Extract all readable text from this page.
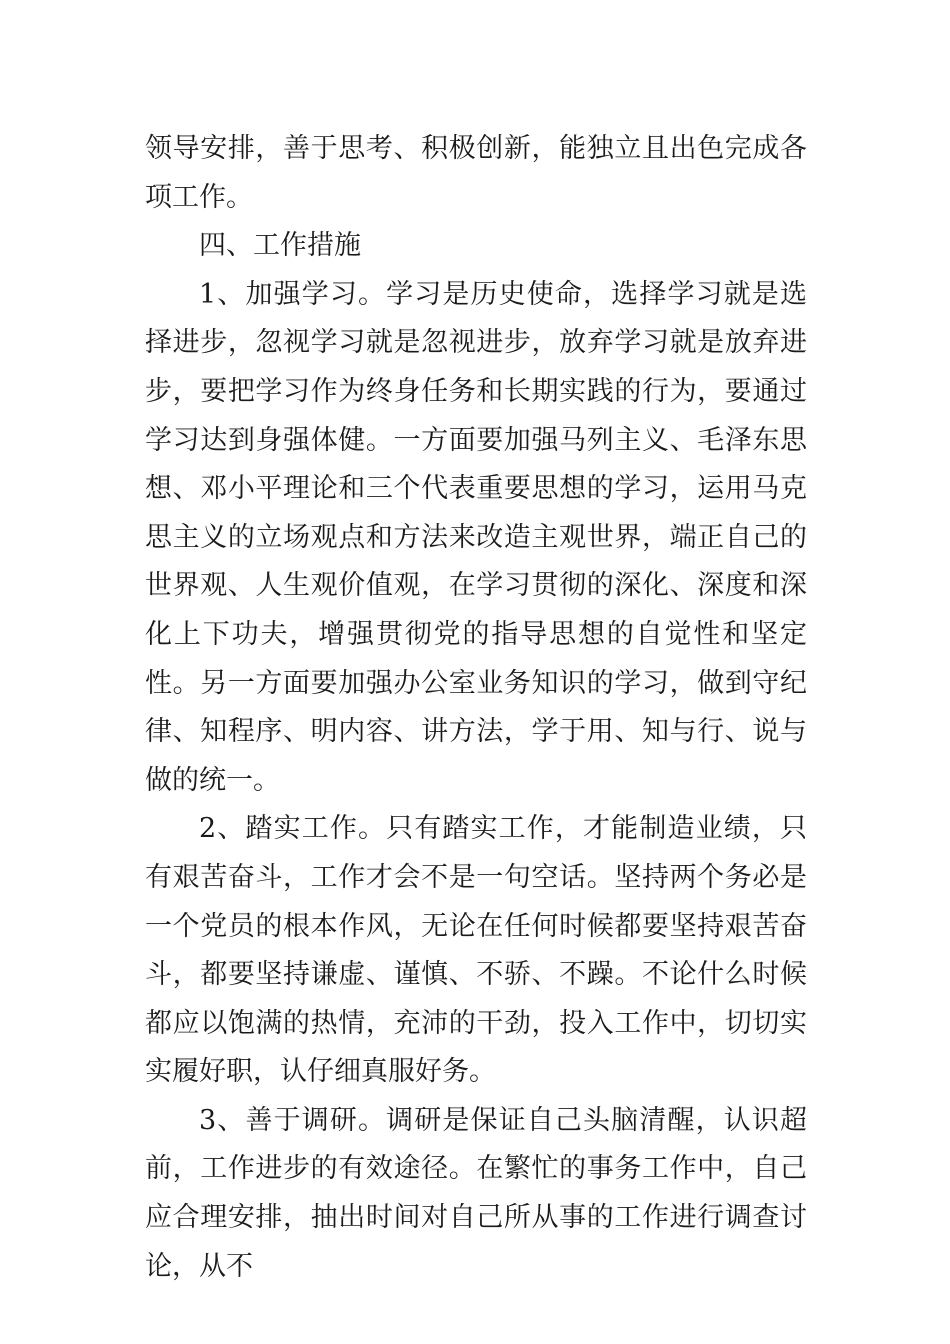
领导安排，善于思考、积极创新，能独立且出色完成各项工作。

四、工作措施

1、加强学习。学习是历史使命，选择学习就是选择进步，忽视学习就是忽视进步，放弃学习就是放弃进步，要把学习作为终身任务和长期实践的行为，要通过学习达到身强体健。一方面要加强马列主义、毛泽东思想、邓小平理论和三个代表重要思想的学习，运用马克思主义的立场观点和方法来改造主观世界，端正自己的世界观、人生观价值观，在学习贯彻的深化、深度和深化上下功夫，增强贯彻党的指导思想的自觉性和坚定性。另一方面要加强办公室业务知识的学习，做到守纪律、知程序、明内容、讲方法，学于用、知与行、说与做的统一。

2、踏实工作。只有踏实工作，才能制造业绩，只有艰苦奋斗，工作才会不是一句空话。坚持两个务必是一个党员的根本作风，无论在任何时候都要坚持艰苦奋斗，都要坚持谦虚、谨慎、不骄、不躁。不论什么时候都应以饱满的热情，充沛的干劲，投入工作中，切切实实履好职，认仔细真服好务。

3、善于调研。调研是保证自己头脑清醒，认识超前，工作进步的有效途径。在繁忙的事务工作中，自己应合理安排，抽出时间对自己所从事的工作进行调查讨论，从不
